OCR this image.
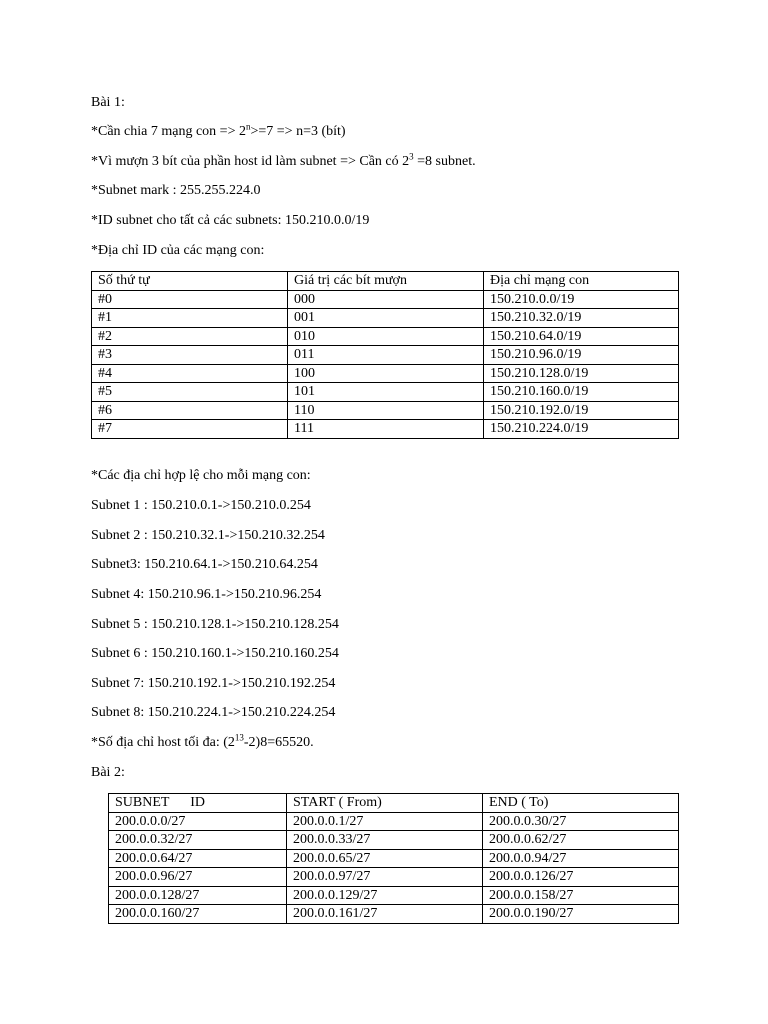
Bài 1:
*Cần chia 7 mạng con => $2^n>=7 => n=3$ (bít)
*Vì mượn 3 bít của phần host id làm subnet => Cần có $2^3 =8$ subnet.
*Subnet mark : 255.255.224.0
*ID subnet cho tất cả các subnets: 150.210.0.0/19
*Địa chỉ ID của các mạng con:
Số thứ tự	Giá trị các bít mượn	Địa chỉ mạng con
#0	000	150.210.0.0/19
#1	001	150.210.32.0/19
#2	010	150.210.64.0/19
#3	011	150.210.96.0/19
#4	100	150.210.128.0/19
#5	101	150.210.160.0/19
#6	110	150.210.192.0/19
#7	111	150.210.224.0/19
*Các địa chỉ hợp lệ cho mỗi mạng con:
Subnet 1 : 150.210.0.1->150.210.0.254
Subnet 2 : 150.210.32.1->150.210.32.254
Subnet3: 150.210.64.1->150.210.64.254
Subnet 4: 150.210.96.1->150.210.96.254
Subnet 5 : 150.210.128.1->150.210.128.254
Subnet 6 : 150.210.160.1->150.210.160.254
Subnet 7: 150.210.192.1->150.210.192.254
Subnet 8: 150.210.224.1->150.210.224.254
*Số địa chỉ host tối đa: $(2^{13}-2)8=65520$.
Bài 2:
SUBNET      ID	START ( From)	END ( To)
200.0.0.0/27	200.0.0.1/27	200.0.0.30/27
200.0.0.32/27	200.0.0.33/27	200.0.0.62/27
200.0.0.64/27	200.0.0.65/27	200.0.0.94/27
200.0.0.96/27	200.0.0.97/27	200.0.0.126/27
200.0.0.128/27	200.0.0.129/27	200.0.0.158/27
200.0.0.160/27	200.0.0.161/27	200.0.0.190/27
